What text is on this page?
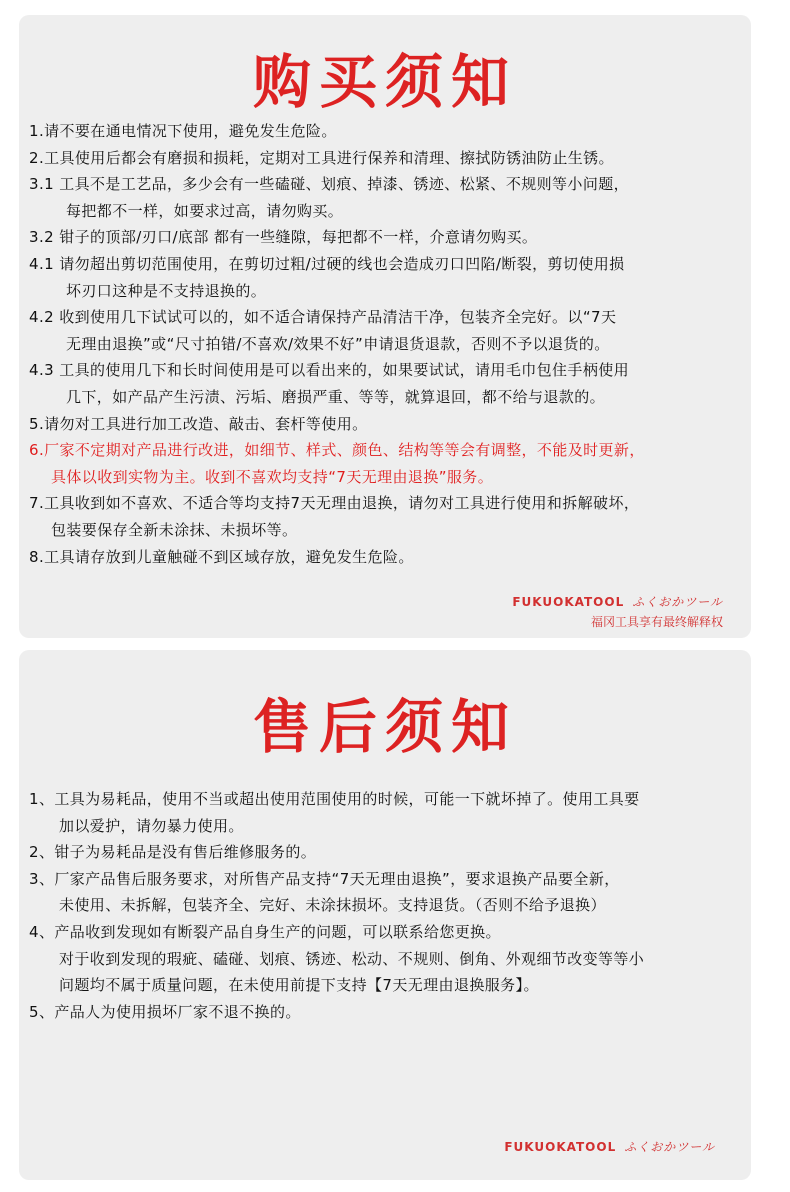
购买须知
1.请不要在通电情况下使用，避免发生危险。
2.工具使用后都会有磨损和损耗，定期对工具进行保养和清理、擦拭防锈油防止生锈。
3.1 工具不是工艺品，多少会有一些磕碰、划痕、掉漆、锈迹、松紧、不规则等小问题，
每把都不一样，如要求过高，请勿购买。
3.2 钳子的顶部/刃口/底部 都有一些缝隙，每把都不一样，介意请勿购买。
4.1 请勿超出剪切范围使用，在剪切过粗/过硬的线也会造成刃口凹陷/断裂，剪切使用损
坏刃口这种是不支持退换的。
4.2 收到使用几下试试可以的，如不适合请保持产品清洁干净，包装齐全完好。以“7天
无理由退换”或“尺寸拍错/不喜欢/效果不好”申请退货退款，否则不予以退货的。
4.3 工具的使用几下和长时间使用是可以看出来的，如果要试试，请用毛巾包住手柄使用
几下，如产品产生污渍、污垢、磨损严重、等等，就算退回，都不给与退款的。
5.请勿对工具进行加工改造、敲击、套杆等使用。
6.厂家不定期对产品进行改进，如细节、样式、颜色、结构等等会有调整，不能及时更新，
具体以收到实物为主。收到不喜欢均支持“7天无理由退换”服务。
7.工具收到如不喜欢、不适合等均支持7天无理由退换，请勿对工具进行使用和拆解破坏，
包装要保存全新未涂抹、未损坏等。
8.工具请存放到儿童触碰不到区域存放，避免发生危险。
FUKUOKATOOL ふくおかツール
福冈工具享有最终解释权
售后须知
1、工具为易耗品，使用不当或超出使用范围使用的时候，可能一下就坏掉了。使用工具要
加以爱护，请勿暴力使用。
2、钳子为易耗品是没有售后维修服务的。
3、厂家产品售后服务要求，对所售产品支持“7天无理由退换”，要求退换产品要全新，
未使用、未拆解，包装齐全、完好、未涂抹损坏。支持退货。（否则不给予退换）
4、产品收到发现如有断裂产品自身生产的问题，可以联系给您更换。
对于收到发现的瑕疵、磕碰、划痕、锈迹、松动、不规则、倒角、外观细节改变等等小
问题均不属于质量问题，在未使用前提下支持【7天无理由退换服务】。
5、产品人为使用损坏厂家不退不换的。
FUKUOKATOOL ふくおかツール
